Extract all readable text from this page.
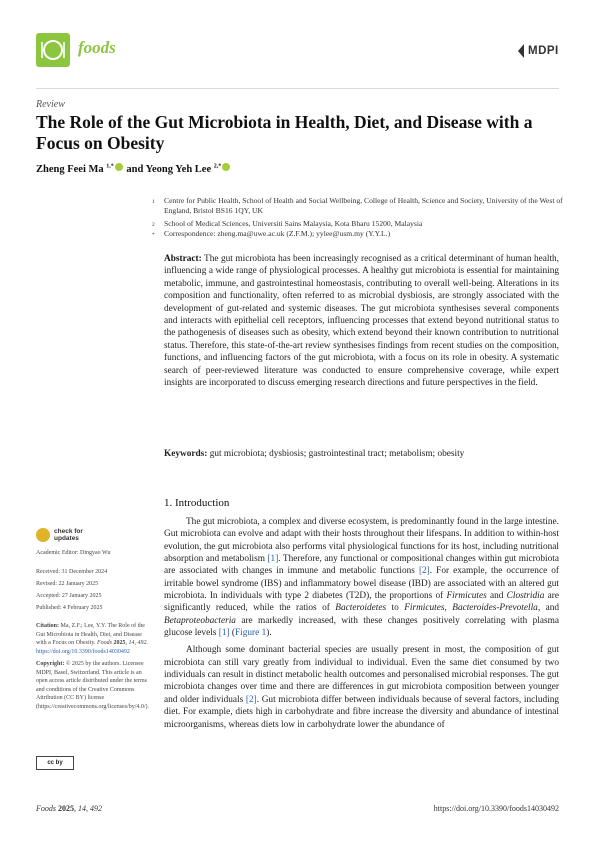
foods	MDPI
Review
The Role of the Gut Microbiota in Health, Diet, and Disease with a Focus on Obesity
Zheng Feei Ma $^{1,*}$ and Yeong Yeh Lee $^{2,*}$
1 Centre for Public Health, School of Health and Social Wellbeing, College of Health, Science and Society, University of the West of England, Bristol BS16 1QY, UK
2 School of Medical Sciences, Universiti Sains Malaysia, Kota Bharu 15200, Malaysia
* Correspondence: zheng.ma@uwe.ac.uk (Z.F.M.); yylee@usm.my (Y.Y.L.)
Abstract: The gut microbiota has been increasingly recognised as a critical determinant of human health, influencing a wide range of physiological processes. A healthy gut microbiota is essential for maintaining metabolic, immune, and gastrointestinal homeostasis, contributing to overall well-being. Alterations in its composition and functionality, often referred to as microbial dysbiosis, are strongly associated with the development of gut-related and systemic diseases. The gut microbiota synthesises several components and interacts with epithelial cell receptors, influencing processes that extend beyond nutritional status to the pathogenesis of diseases such as obesity, which extend beyond their known contribution to nutritional status. Therefore, this state-of-the-art review synthesises findings from recent studies on the composition, functions, and influencing factors of the gut microbiota, with a focus on its role in obesity. A systematic search of peer-reviewed literature was conducted to ensure comprehensive coverage, while expert insights are incorporated to discuss emerging research directions and future perspectives in the field.
Keywords: gut microbiota; dysbiosis; gastrointestinal tract; metabolism; obesity
1. Introduction

The gut microbiota, a complex and diverse ecosystem, is predominantly found in the large intestine. Gut microbiota can evolve and adapt with their hosts throughout their lifespans. In addition to within-host evolution, the gut microbiota also performs vital physiological functions for its host, including nutritional absorption and metabolism [1]. Therefore, any functional or compositional changes within gut microbiota are associated with changes in immune and metabolic functions [2]. For example, the occurrence of irritable bowel syndrome (IBS) and inflammatory bowel disease (IBD) are associated with an altered gut microbiota. In individuals with type 2 diabetes (T2D), the proportions of Firmicutes and Clostridia are significantly reduced, while the ratios of Bacteroidetes to Firmicutes, Bacteroides-Prevotella, and Betaproteobacteria are markedly increased, with these changes positively correlating with plasma glucose levels [1] (Figure 1).

Although some dominant bacterial species are usually present in most, the composition of gut microbiota can still vary greatly from individual to individual. Even the same diet consumed by two individuals can result in distinct metabolic health outcomes and personalised microbial responses. The gut microbiota changes over time and there are differences in gut microbiota composition between younger and older individuals [2]. Gut microbiota differ between individuals because of several factors, including diet. For example, diets high in carbohydrate and fibre increase the diversity and abundance of intestinal microorganisms, whereas diets low in carbohydrate lower the abundance of

check for
updates
Academic Editor: Dingyao Wu
Received: 31 December 2024
Revised: 22 January 2025
Accepted: 27 January 2025
Published: 4 February 2025
Citation: Ma, Z.F.; Lee, Y.Y. The Role of the Gut Microbiota in Health, Diet, and Disease with a Focus on Obesity. Foods 2025, 14, 492. https://doi.org/10.3390/foods14030492
Copyright: © 2025 by the authors. Licensee MDPI, Basel, Switzerland. This article is an open access article distributed under the terms and conditions of the Creative Commons Attribution (CC BY) license (https://creativecommons.org/licenses/by/4.0/).
cc by
Foods 2025, 14, 492	https://doi.org/10.3390/foods14030492
